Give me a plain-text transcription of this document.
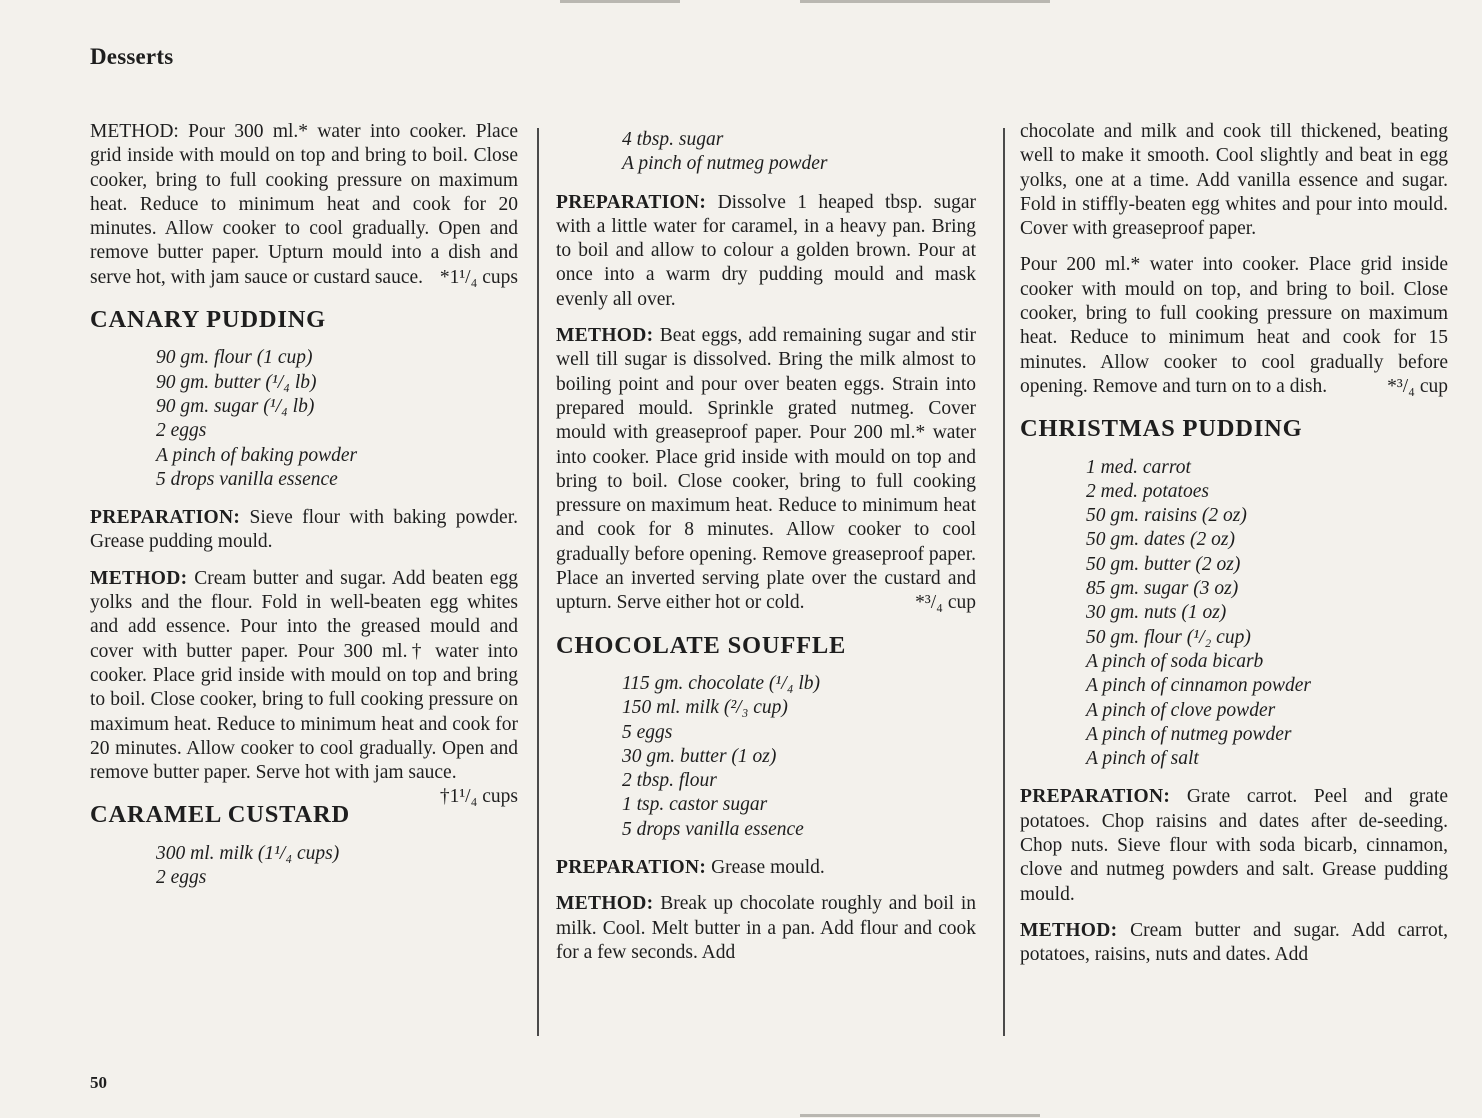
Desserts

METHOD: Pour 300 ml.* water into cooker. Place grid inside with mould on top and bring to boil. Close cooker, bring to full cooking pressure on maximum heat. Reduce to minimum heat and cook for 20 minutes. Allow cooker to cool gradually. Open and remove butter paper. Upturn mould into a dish and serve hot, with jam sauce or custard sauce. *1¹/₄ cups

CANARY PUDDING
90 gm. flour (1 cup)
90 gm. butter (¹/₄ lb)
90 gm. sugar (¹/₄ lb)
2 eggs
A pinch of baking powder
5 drops vanilla essence

PREPARATION: Sieve flour with baking powder. Grease pudding mould.

METHOD: Cream butter and sugar. Add beaten egg yolks and the flour. Fold in well-beaten egg whites and add essence. Pour into the greased mould and cover with butter paper. Pour 300 ml.† water into cooker. Place grid inside with mould on top and bring to boil. Close cooker, bring to full cooking pressure on maximum heat. Reduce to minimum heat and cook for 20 minutes. Allow cooker to cool gradually. Open and remove butter paper. Serve hot with jam sauce.
†1¹/₄ cups

CARAMEL CUSTARD
300 ml. milk (1¹/₄ cups)
2 eggs
4 tbsp. sugar
A pinch of nutmeg powder

PREPARATION: Dissolve 1 heaped tbsp. sugar with a little water for caramel, in a heavy pan. Bring to boil and allow to colour a golden brown. Pour at once into a warm dry pudding mould and mask evenly all over.

METHOD: Beat eggs, add remaining sugar and stir well till sugar is dissolved. Bring the milk almost to boiling point and pour over beaten eggs. Strain into prepared mould. Sprinkle grated nutmeg. Cover mould with greaseproof paper. Pour 200 ml.* water into cooker. Place grid inside with mould on top and bring to boil. Close cooker, bring to full cooking pressure on maximum heat. Reduce to minimum heat and cook for 8 minutes. Allow cooker to cool gradually before opening. Remove greaseproof paper. Place an inverted serving plate over the custard and upturn. Serve either hot or cold.	*³/₄ cup

CHOCOLATE SOUFFLE
115 gm. chocolate (¹/₄ lb)
150 ml. milk (²/₃ cup)
5 eggs
30 gm. butter (1 oz)
2 tbsp. flour
1 tsp. castor sugar
5 drops vanilla essence

PREPARATION: Grease mould.

METHOD: Break up chocolate roughly and boil in milk. Cool. Melt butter in a pan. Add flour and cook for a few seconds. Add

chocolate and milk and cook till thickened, beating well to make it smooth. Cool slightly and beat in egg yolks, one at a time. Add vanilla essence and sugar. Fold in stiffly-beaten egg whites and pour into mould. Cover with greaseproof paper.

Pour 200 ml.* water into cooker. Place grid inside cooker with mould on top, and bring to boil. Close cooker, bring to full cooking pressure on maximum heat. Reduce to minimum heat and cook for 15 minutes. Allow cooker to cool gradually before opening. Remove and turn on to a dish.	*³/₄ cup

CHRISTMAS PUDDING
1 med. carrot
2 med. potatoes
50 gm. raisins (2 oz)
50 gm. dates (2 oz)
50 gm. butter (2 oz)
85 gm. sugar (3 oz)
30 gm. nuts (1 oz)
50 gm. flour (¹/₂ cup)
A pinch of soda bicarb
A pinch of cinnamon powder
A pinch of clove powder
A pinch of nutmeg powder
A pinch of salt

PREPARATION: Grate carrot. Peel and grate potatoes. Chop raisins and dates after de-seeding. Chop nuts. Sieve flour with soda bicarb, cinnamon, clove and nutmeg powders and salt. Grease pudding mould.

METHOD: Cream butter and sugar. Add carrot, potatoes, raisins, nuts and dates. Add

50
